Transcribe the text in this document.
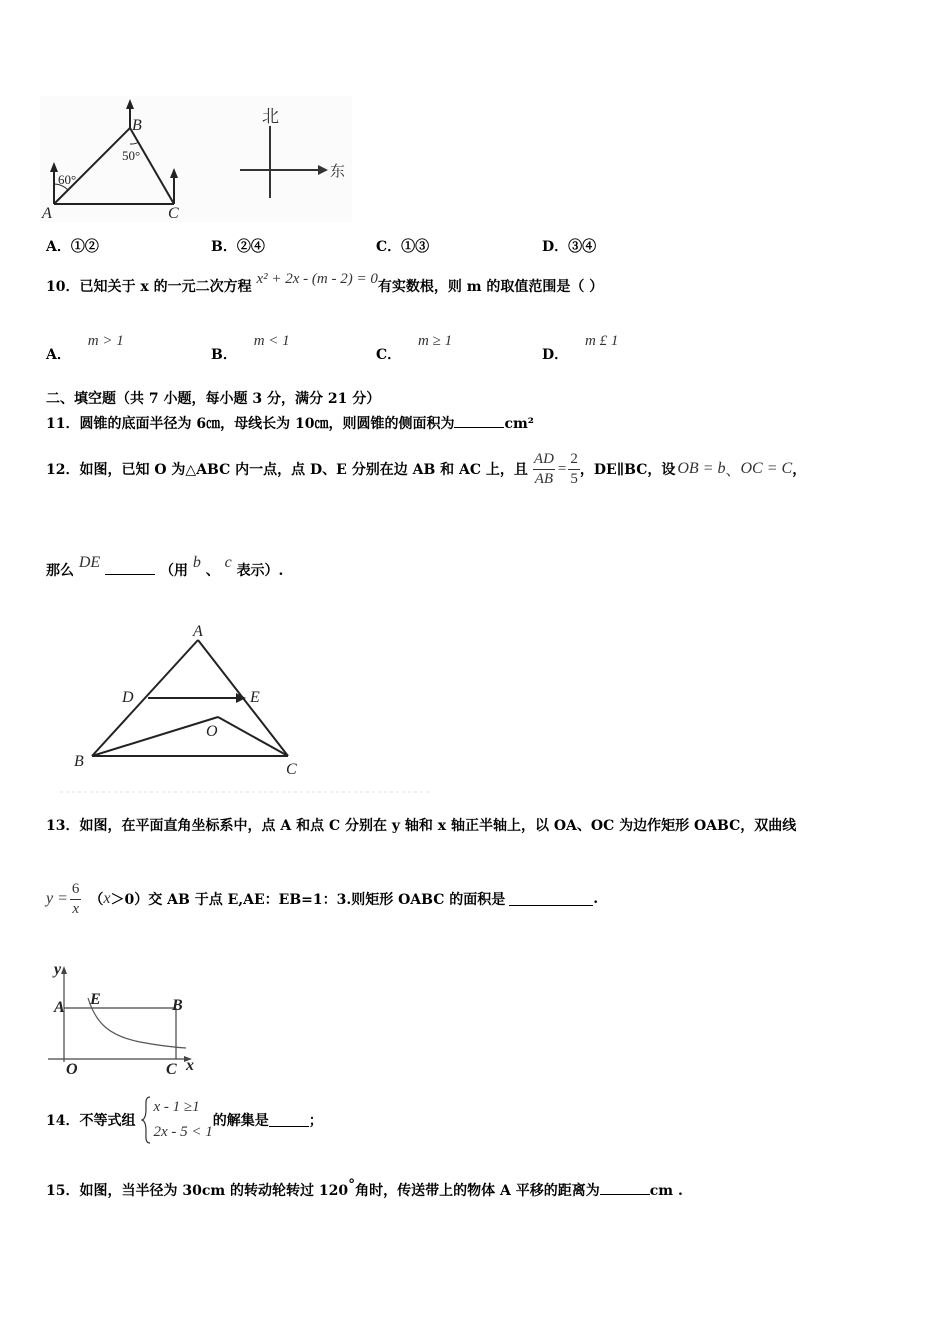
A
B
C
60°
50°
北
东
A．①②	B．②④	C．①③	D．③④
10．已知关于 x 的一元二次方程 x² + 2x - (m - 2) = 0有实数根，则 m 的取值范围是（ ）
A． m > 1
B． m < 1
C． m ≥ 1
D． m £ 1
二、填空题（共 7 小题，每小题 3 分，满分 21 分）
11．圆锥的底面半径为 6㎝，母线长为 10㎝，则圆锥的侧面积为	cm²
12． 如图，已知 O 为△ABC 内一点，点 D、E 分别在边 AB 和 AC 上，且 $\frac{AD}{AB} = \frac{2}{5}$ ，DE∥BC，设 OB = b 、 OC = C ，
那么 DE	（用 b 、 c 表示）.
A
D	E
O
B	C
13．如图，在平面直角坐标系中，点 A 和点 C 分别在 y 轴和 x 轴正半轴上，以 OA、OC 为边作矩形 OABC，双曲线
$y = \frac{6}{x}$ （ x ＞0）交 AB 于点 E,AE：EB=1：3.则矩形 OABC 的面积是	.
y
A E	B
O	C x
14． 不等式组
x - 1 ≥1
2x - 5 < 1
的解集是	；
15．如图，当半径为 30cm 的转动轮转过 120°角时，传送带上的物体 A 平移的距离为	cm .
